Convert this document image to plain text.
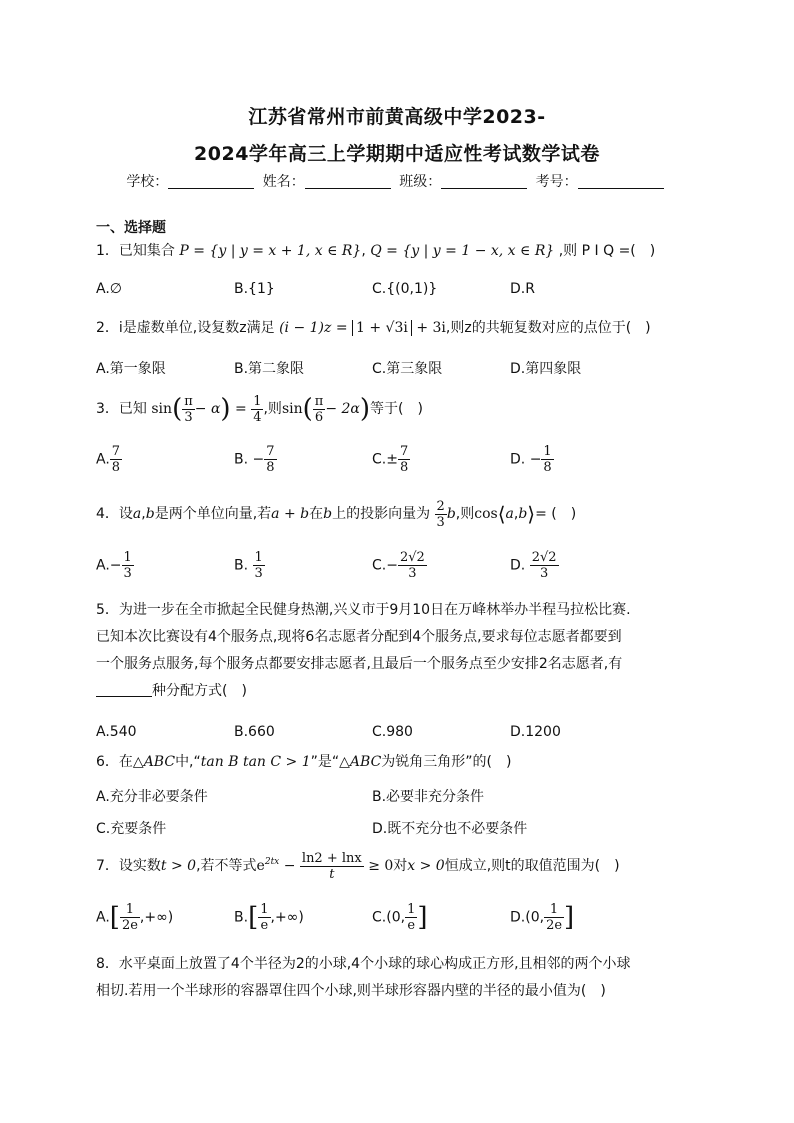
江苏省常州市前黄高级中学2023-
2024学年高三上学期期中适应性考试数学试卷
学校：	姓名：	班级：	考号：
一、选择题
1．已知集合 P = {y | y = x + 1, x ∈ R}, Q = {y | y = 1 − x, x ∈ R} ,则 P I Q =(　)
A.∅	B.{1}	C.{(0,1)}	D.R
2．i是虚数单位,设复数z满足 (i − 1)z = 1 + √3i + 3i,则z的共轭复数对应的点位于(　)
A.第一象限	B.第二象限	C.第三象限	D.第四象限
3．已知 $\sin( \frac{\pi}{3} - \alpha) = \frac{1}{4}$ ,则$\sin( \frac{\pi}{6} - 2\alpha)$等于(　)
A. $\frac{7}{8}$	B. − $\frac{7}{8}$	$C.\pm \frac{7}{8}$	D. − $\frac{1}{8}$
4．设a,b是两个单位向量,若a + b在b上的投影向量为 $\frac{2}{3} b$,则cos⟨a,b⟩= (　)
$A.- \frac{1}{3}$	B. $\frac{1}{3}$	$C.- \frac{2√2}{3}$	D. $\frac{2√2}{3}$
5．为进一步在全市掀起全民健身热潮,兴义市于9月10日在万峰林举办半程马拉松比赛.
已知本次比赛设有4个服务点,现将6名志愿者分配到4个服务点,要求每位志愿者都要到
一个服务点服务,每个服务点都要安排志愿者,且最后一个服务点至少安排2名志愿者,有
种分配方式(　)
A.540	B.660	C.980	D.1200
6．在△ABC中,“tan B tan C > 1”是“△ABC为锐角三角形”的(　)
A.充分非必要条件	B.必要非充分条件
C.充要条件	D.既不充分也不必要条件
7．设实数t > 0,若不等式$e^{2tx} - \frac{\ln 2 + \ln x}{t} \ge 0$对x > 0恒成立,则t的取值范围为(　)
$A.[ \frac{1}{2e}$ ,+∞)	$B.[ \frac{1}{e}$ ,+∞)	C.(0, $\frac{1}{e}$ ]	D.(0, $\frac{1}{2e}$ ]
8．水平桌面上放置了4个半径为2的小球,4个小球的球心构成正方形,且相邻的两个小球
相切.若用一个半球形的容器罩住四个小球,则半球形容器内壁的半径的最小值为(　)
